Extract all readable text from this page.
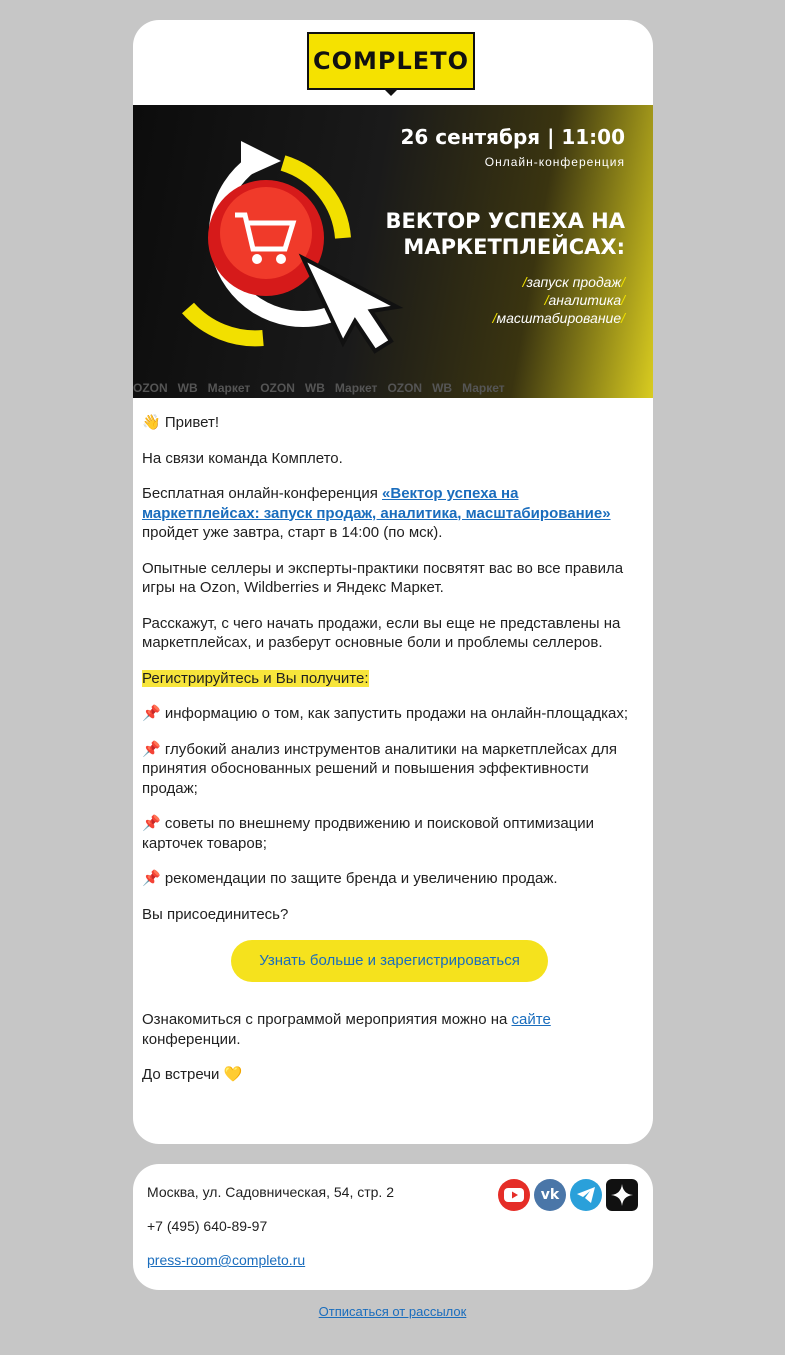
COMPLETO
26 сентября | 11:00
Онлайн-конференция
ВЕКТОР УСПЕХА НА МАРКЕТПЛЕЙСАХ:
/запуск продаж/
/аналитика/
/масштабирование/
OZON WB Маркет OZON WB Маркет OZON WB Маркет

👋 Привет!

На связи команда Комплето.

Бесплатная онлайн-конференция «Вектор успеха на маркетплейсах: запуск продаж, аналитика, масштабирование» пройдет уже завтра, старт в 14:00 (по мск).

Опытные селлеры и эксперты-практики посвятят вас во все правила игры на Ozon, Wildberries и Яндекс Маркет.

Расскажут, с чего начать продажи, если вы еще не представлены на маркетплейсах, и разберут основные боли и проблемы селлеров.

Регистрируйтесь и Вы получите:

📌 информацию о том, как запустить продажи на онлайн-площадках;

📌 глубокий анализ инструментов аналитики на маркетплейсах для принятия обоснованных решений и повышения эффективности продаж;

📌 советы по внешнему продвижению и поисковой оптимизации карточек товаров;

📌 рекомендации по защите бренда и увеличению продаж.

Вы присоединитесь?

Узнать больше и зарегистрироваться

Ознакомиться с программой мероприятия можно на сайте конференции.

До встречи 💛

Москва, ул. Садовническая, 54, стр. 2
+7 (495) 640-89-97
press-room@completo.ru
vk
Отписаться от рассылок
